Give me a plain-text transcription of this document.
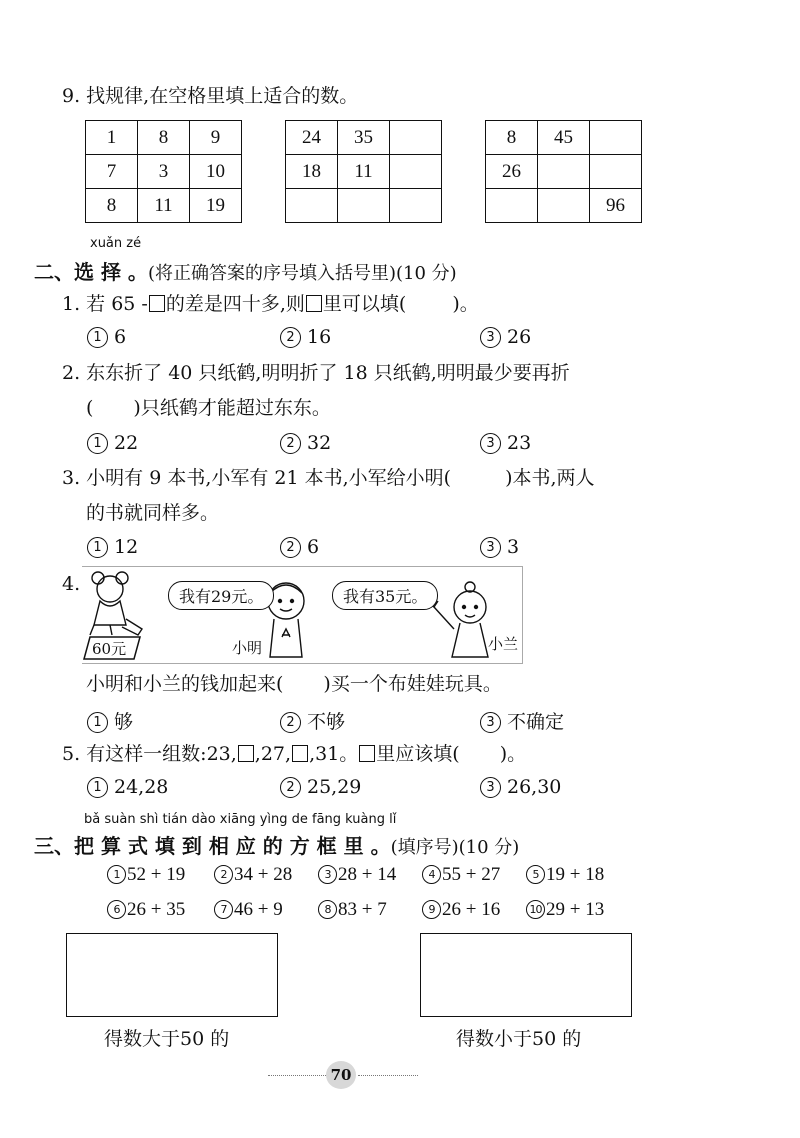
9. 找规律,在空格里填上适合的数。
1	8	9
7	3	10
8	11	19
24	35	
18	11	

8	45	
26		
		96
xuǎn zé
二、选 择 。(将正确答案的序号填入括号里)(10 分)
1. 若 65 - 的差是四十多,则 里可以填( )。
1 6	2 16	3 26
2. 东东折了 40 只纸鹤,明明折了 18 只纸鹤,明明最少要再折
( )只纸鹤才能超过东东。
1 22	2 32	3 23
3. 小明有 9 本书,小军有 21 本书,小军给小明(	)本书,两人
的书就同样多。
1 12	2 6	3 3
4.
60元
我有29元。
小明
我有35元。
小兰
小明和小兰的钱加起来( )买一个布娃娃玩具。
1 够	2 不够	3 不确定
5. 有这样一组数:23, ,27, ,31。 里应该填( )。
1 24,28	2 25,29	3 26,30
bǎ suàn shì tián dào xiāng yìng de fāng kuàng lǐ
三、把 算 式 填 到 相 应 的 方 框 里 。(填序号)(10 分)
1 52 + 19	2 34 + 28	3 28 + 14	4 55 + 27	5 19 + 18
6 26 + 35	7 46 + 9	8 83 + 7	9 26 + 16	10 29 + 13
得数大于50 的	得数小于50 的
70
